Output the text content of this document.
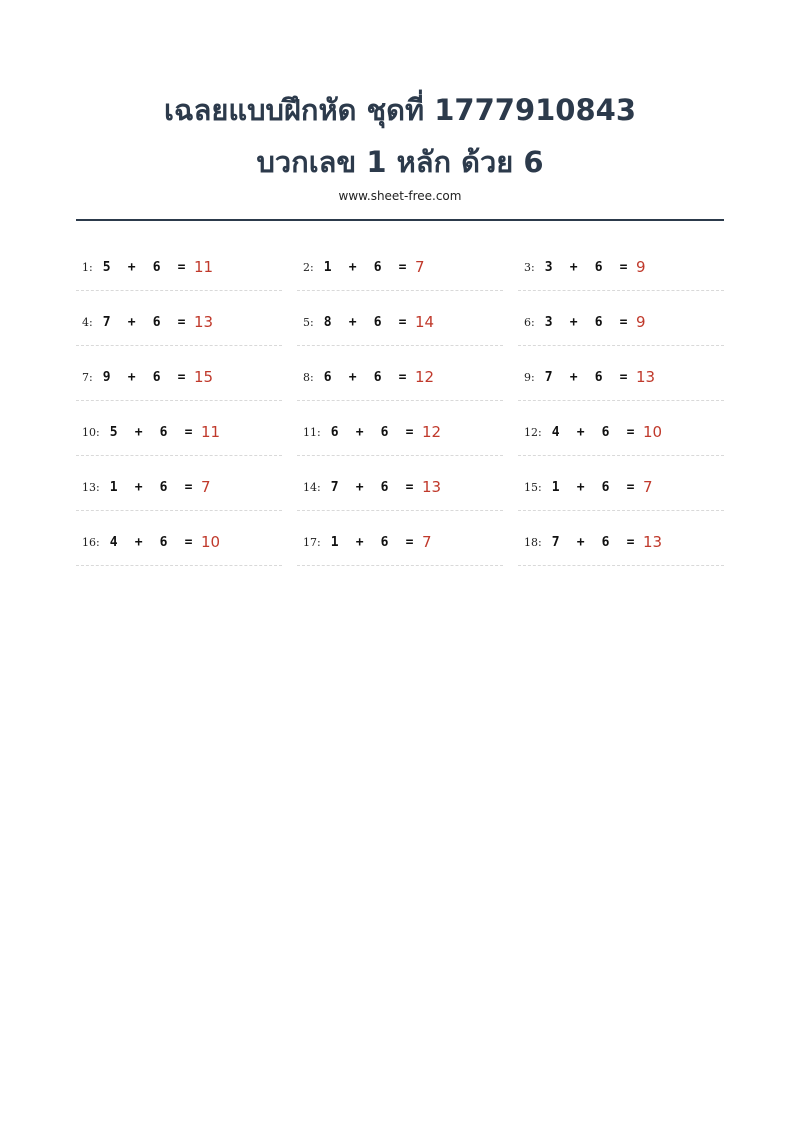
เฉลยแบบฝึกหัด ชุดที่ 1777910843
บวกเลข 1 หลัก ด้วย 6
www.sheet-free.com
1: 5 + 6 = 11	2: 1 + 6 = 7	3: 3 + 6 = 9
4: 7 + 6 = 13	5: 8 + 6 = 14	6: 3 + 6 = 9
7: 9 + 6 = 15	8: 6 + 6 = 12	9: 7 + 6 = 13
10: 5 + 6 = 11	11: 6 + 6 = 12	12: 4 + 6 = 10
13: 1 + 6 = 7	14: 7 + 6 = 13	15: 1 + 6 = 7
16: 4 + 6 = 10	17: 1 + 6 = 7	18: 7 + 6 = 13
